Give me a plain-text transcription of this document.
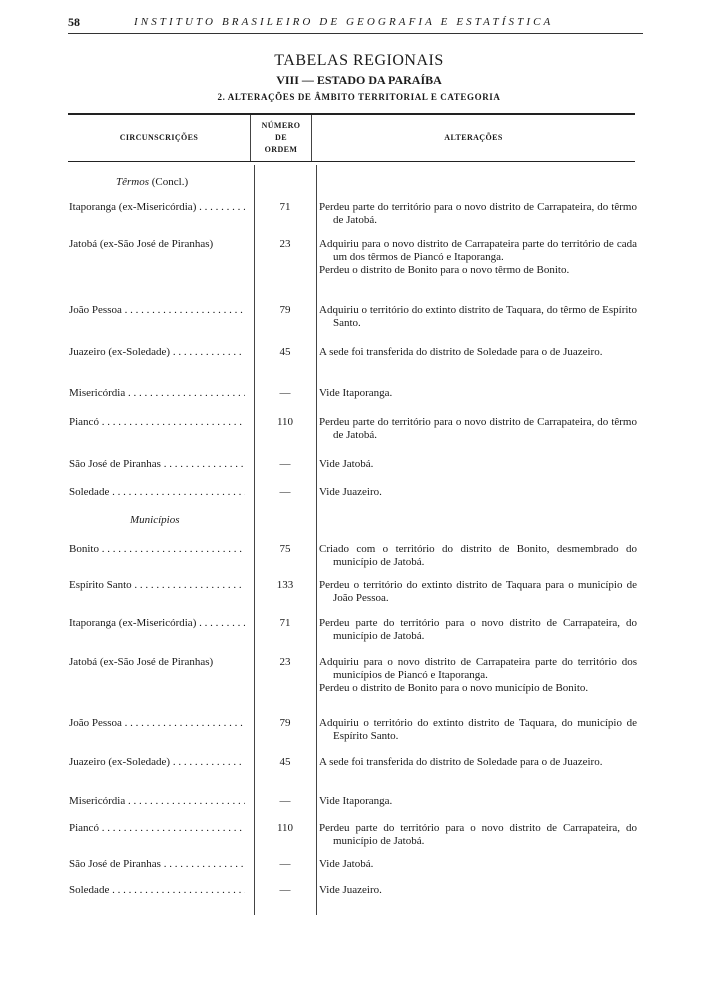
58	INSTITUTO BRASILEIRO DE GEOGRAFIA E ESTATÍSTICA
TABELAS REGIONAIS
VIII — ESTADO DA PARAÍBA
2. ALTERAÇÕES DE ÂMBITO TERRITORIAL E CATEGORIA
CIRCUNSCRIÇÕES
NÚMERO
DE
ORDEM
ALTERAÇÕES
Têrmos (Concl.)
Municípios
Itaporanga (ex-Misericórdia) . . .	71	Perdeu parte do território para o novo distrito de Carrapateira, do têrmo de Jatobá.
Jatobá (ex-São José de Piranhas)	23	Adquiriu para o novo distrito de Carrapateira parte do território de cada um dos têrmos de Piancó e Itaporanga.
Perdeu o distrito de Bonito para o novo têrmo de Bonito.
João Pessoa . . .	79	Adquiriu o território do extinto distrito de Taquara, do têrmo de Espírito Santo.
Juazeiro (ex-Soledade) . . .	45	A sede foi transferida do distrito de Soledade para o de Juazeiro.
Misericórdia . . .	—	Vide Itaporanga.
Piancó . . .	110	Perdeu parte do território para o novo distrito de Carrapateira, do têrmo de Jatobá.
São José de Piranhas . . .	—	Vide Jatobá.
Soledade . . .	—	Vide Juazeiro.
Bonito . . .	75	Criado com o território do distrito de Bonito, desmembrado do município de Jatobá.
Espírito Santo . . .	133	Perdeu o território do extinto distrito de Taquara para o município de João Pessoa.
Itaporanga (ex-Misericórdia) . . .	71	Perdeu parte do território para o novo distrito de Carrapateira, do município de Jatobá.
Jatobá (ex-São José de Piranhas)	23	Adquiriu para o novo distrito de Carrapateira parte do território dos municípios de Piancó e Itaporanga.
Perdeu o distrito de Bonito para o novo município de Bonito.
João Pessoa . . .	79	Adquiriu o território do extinto distrito de Taquara, do município de Espírito Santo.
Juazeiro (ex-Soledade) . . .	45	A sede foi transferida do distrito de Soledade para o de Juazeiro.
Misericórdia . . .	—	Vide Itaporanga.
Piancó . . .	110	Perdeu parte do território para o novo distrito de Carrapateira, do município de Jatobá.
São José de Piranhas . . .	—	Vide Jatobá.
Soledade . . .	—	Vide Juazeiro.
